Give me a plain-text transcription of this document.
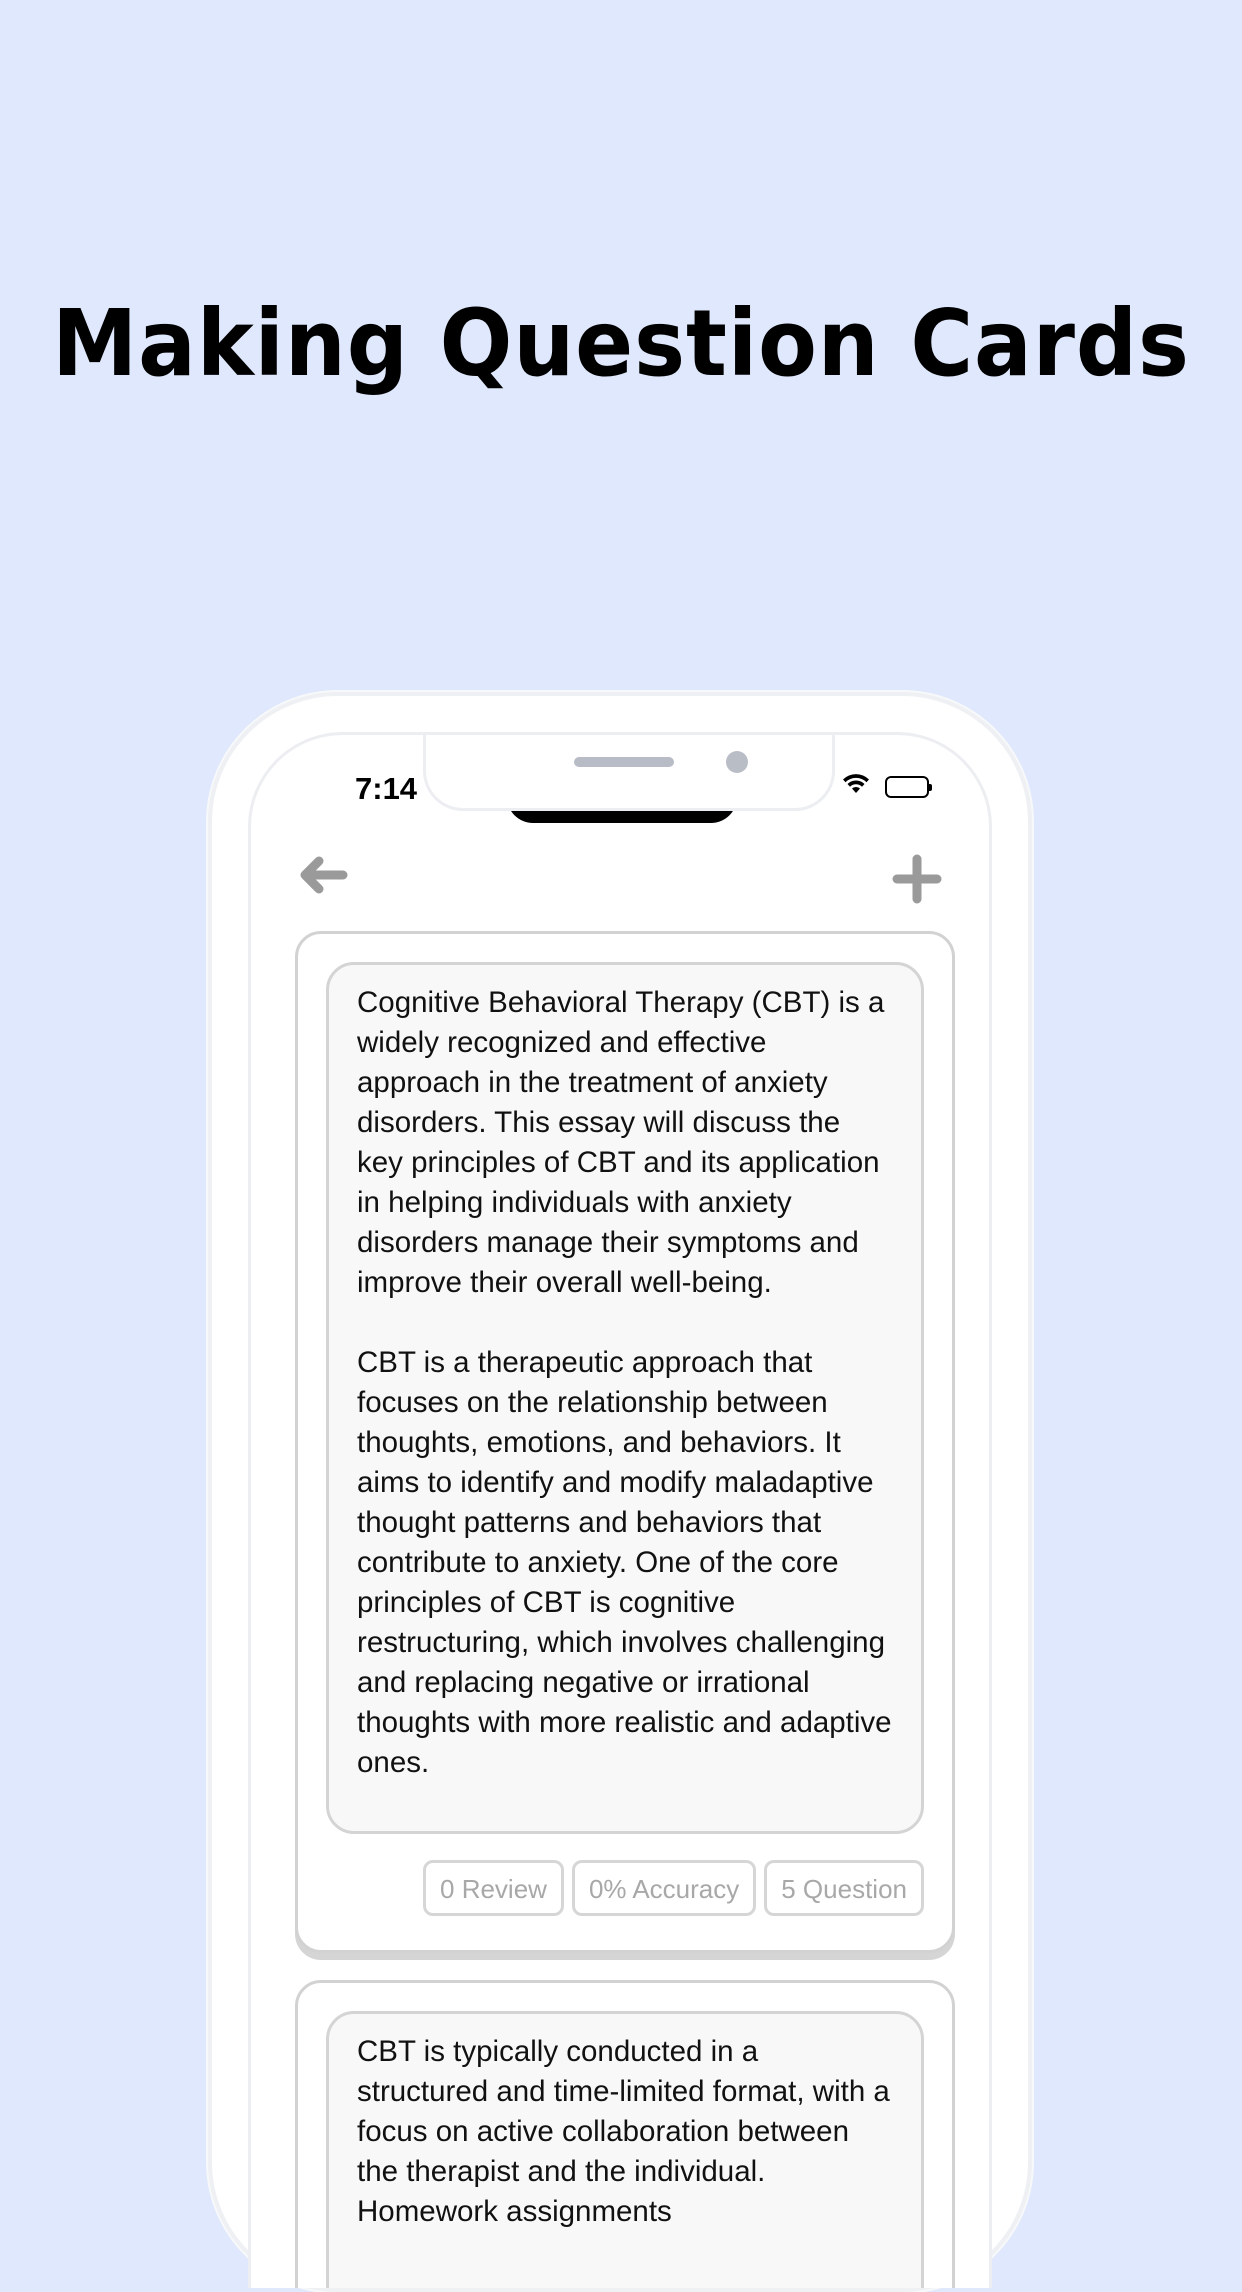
Making Question Cards
7:14
Cognitive Behavioral Therapy (CBT) is a widely recognized and effective approach in the treatment of anxiety disorders. This essay will discuss the key principles of CBT and its application in helping individuals with anxiety disorders manage their symptoms and improve their overall well-being.

CBT is a therapeutic approach that focuses on the relationship between thoughts, emotions, and behaviors. It aims to identify and modify maladaptive thought patterns and behaviors that contribute to anxiety. One of the core principles of CBT is cognitive restructuring, which involves challenging and replacing negative or irrational thoughts with more realistic and adaptive ones.
0 Review	0% Accuracy	5 Question
CBT is typically conducted in a structured and time-limited format, with a focus on active collaboration between the therapist and the individual. Homework assignments
